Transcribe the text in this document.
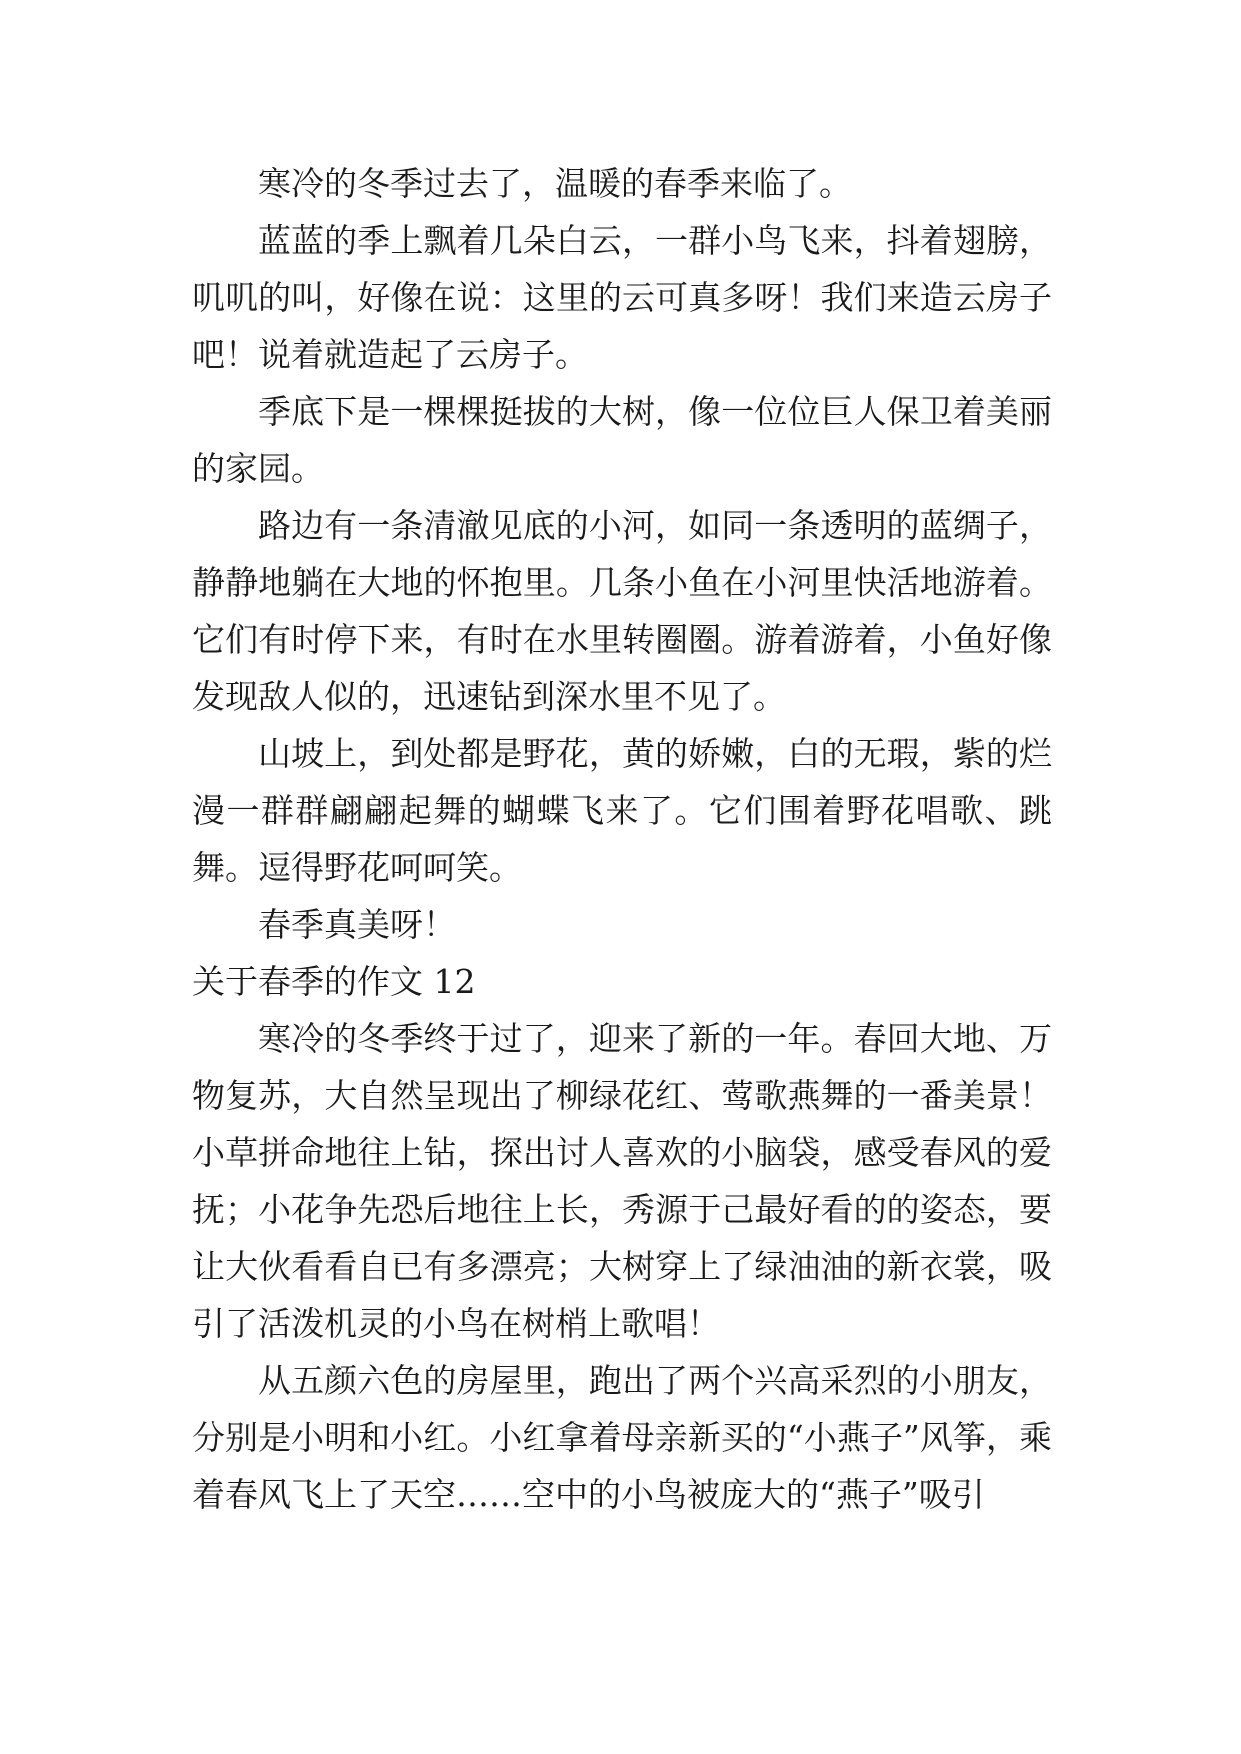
寒冷的冬季过去了，温暖的春季来临了。

蓝蓝的季上飘着几朵白云，一群小鸟飞来，抖着翅膀，叽叽的叫，好像在说：这里的云可真多呀！我们来造云房子吧！说着就造起了云房子。

季底下是一棵棵挺拔的大树，像一位位巨人保卫着美丽的家园。

路边有一条清澈见底的小河，如同一条透明的蓝绸子，静静地躺在大地的怀抱里。几条小鱼在小河里快活地游着。它们有时停下来，有时在水里转圈圈。游着游着，小鱼好像发现敌人似的，迅速钻到深水里不见了。

山坡上，到处都是野花，黄的娇嫩，白的无瑕，紫的烂漫一群群翩翩起舞的蝴蝶飞来了。它们围着野花唱歌、跳舞。逗得野花呵呵笑。

春季真美呀！

关于春季的作文 12

寒冷的冬季终于过了，迎来了新的一年。春回大地、万物复苏，大自然呈现出了柳绿花红、莺歌燕舞的一番美景！小草拼命地往上钻，探出讨人喜欢的小脑袋，感受春风的爱抚；小花争先恐后地往上长，秀源于己最好看的的姿态，要让大伙看看自已有多漂亮；大树穿上了绿油油的新衣裳，吸引了活泼机灵的小鸟在树梢上歌唱！

从五颜六色的房屋里，跑出了两个兴高采烈的小朋友，分别是小明和小红。小红拿着母亲新买的“小燕子”风筝，乘着春风飞上了天空……空中的小鸟被庞大的“燕子”吸引
